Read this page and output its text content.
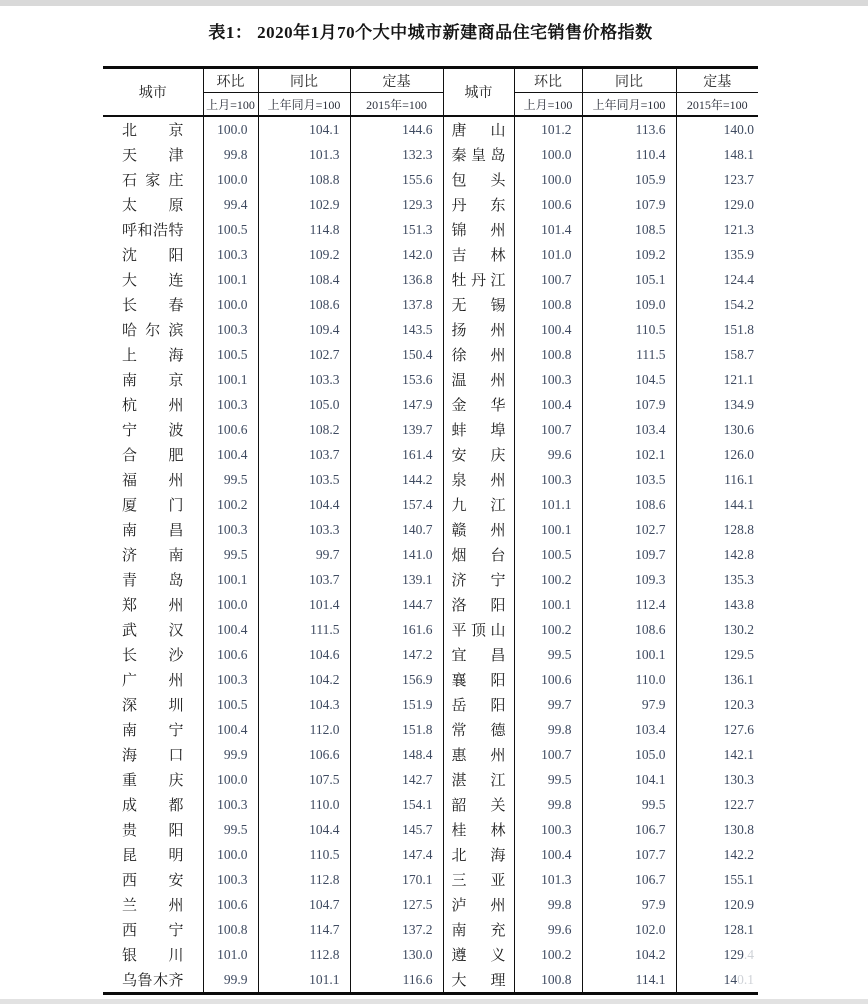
表1： 2020年1月70个大中城市新建商品住宅销售价格指数
城市	环比	同比	定基	城市	环比	同比	定基
	上月=100	上年同月=100	2015年=100		上月=100	上年同月=100	2015年=100
北京	100.0	104.1	144.6	唐山	101.2	113.6	140.0
天津	99.8	101.3	132.3	秦皇岛	100.0	110.4	148.1
石家庄	100.0	108.8	155.6	包头	100.0	105.9	123.7
太原	99.4	102.9	129.3	丹东	100.6	107.9	129.0
呼和浩特	100.5	114.8	151.3	锦州	101.4	108.5	121.3
沈阳	100.3	109.2	142.0	吉林	101.0	109.2	135.9
大连	100.1	108.4	136.8	牡丹江	100.7	105.1	124.4
长春	100.0	108.6	137.8	无锡	100.8	109.0	154.2
哈尔滨	100.3	109.4	143.5	扬州	100.4	110.5	151.8
上海	100.5	102.7	150.4	徐州	100.8	111.5	158.7
南京	100.1	103.3	153.6	温州	100.3	104.5	121.1
杭州	100.3	105.0	147.9	金华	100.4	107.9	134.9
宁波	100.6	108.2	139.7	蚌埠	100.7	103.4	130.6
合肥	100.4	103.7	161.4	安庆	99.6	102.1	126.0
福州	99.5	103.5	144.2	泉州	100.3	103.5	116.1
厦门	100.2	104.4	157.4	九江	101.1	108.6	144.1
南昌	100.3	103.3	140.7	赣州	100.1	102.7	128.8
济南	99.5	99.7	141.0	烟台	100.5	109.7	142.8
青岛	100.1	103.7	139.1	济宁	100.2	109.3	135.3
郑州	100.0	101.4	144.7	洛阳	100.1	112.4	143.8
武汉	100.4	111.5	161.6	平顶山	100.2	108.6	130.2
长沙	100.6	104.6	147.2	宜昌	99.5	100.1	129.5
广州	100.3	104.2	156.9	襄阳	100.6	110.0	136.1
深圳	100.5	104.3	151.9	岳阳	99.7	97.9	120.3
南宁	100.4	112.0	151.8	常德	99.8	103.4	127.6
海口	99.9	106.6	148.4	惠州	100.7	105.0	142.1
重庆	100.0	107.5	142.7	湛江	99.5	104.1	130.3
成都	100.3	110.0	154.1	韶关	99.8	99.5	122.7
贵阳	99.5	104.4	145.7	桂林	100.3	106.7	130.8
昆明	100.0	110.5	147.4	北海	100.4	107.7	142.2
西安	100.3	112.8	170.1	三亚	101.3	106.7	155.1
兰州	100.6	104.7	127.5	泸州	99.8	97.9	120.9
西宁	100.8	114.7	137.2	南充	99.6	102.0	128.1
银川	101.0	112.8	130.0	遵义	100.2	104.2	129.4
乌鲁木齐	99.9	101.1	116.6	大理	100.8	114.1	140.1
